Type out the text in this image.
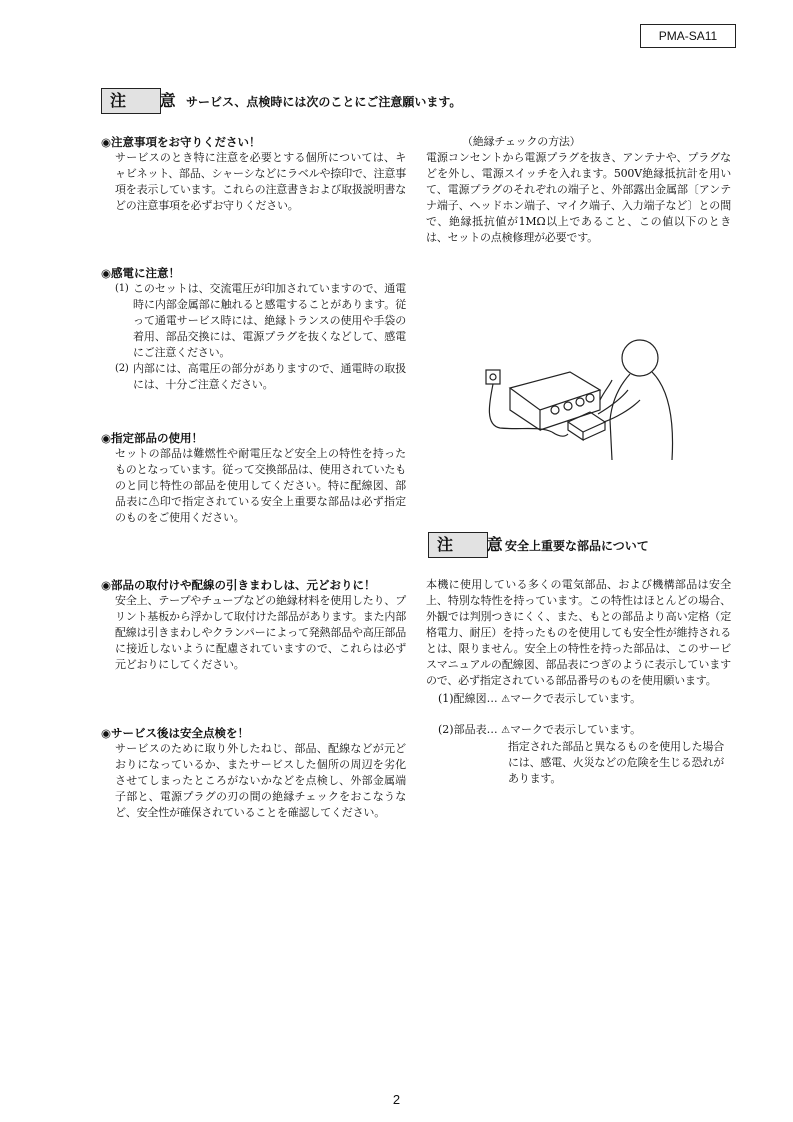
PMA-SA11
注 意
サービス、点検時には次のことにご注意願います。
◉注意事項をお守りください！
サービスのとき特に注意を必要とする個所については、キャビネット、部品、シャーシなどにラベルや捺印で、注意事項を表示しています。これらの注意書きおよび取扱説明書などの注意事項を必ずお守りください。
◉感電に注意！
(1) このセットは、交流電圧が印加されていますので、通電時に内部金属部に触れると感電することがあります。従って通電サービス時には、絶縁トランスの使用や手袋の着用、部品交換には、電源プラグを抜くなどして、感電にご注意ください。
(2) 内部には、高電圧の部分がありますので、通電時の取扱には、十分ご注意ください。
◉指定部品の使用！
セットの部品は難燃性や耐電圧など安全上の特性を持ったものとなっています。従って交換部品は、使用されていたものと同じ特性の部品を使用してください。特に配線図、部品表に⚠印で指定されている安全上重要な部品は必ず指定のものをご使用ください。
◉部品の取付けや配線の引きまわしは、元どおりに！
安全上、テープやチューブなどの絶縁材料を使用したり、プリント基板から浮かして取付けた部品があります。また内部配線は引きまわしやクランパーによって発熱部品や高圧部品に接近しないように配慮されていますので、これらは必ず元どおりにしてください。
◉サービス後は安全点検を！
サービスのために取り外したねじ、部品、配線などが元どおりになっているか、またサービスした個所の周辺を劣化させてしまったところがないかなどを点検し、外部金属端子部と、電源プラグの刃の間の絶縁チェックをおこなうなど、安全性が確保されていることを確認してください。
（絶縁チェックの方法）
電源コンセントから電源プラグを抜き、アンテナや、プラグなどを外し、電源スイッチを入れます。500V絶縁抵抗計を用いて、電源プラグのそれぞれの端子と、外部露出金属部〔アンテナ端子、ヘッドホン端子、マイク端子、入力端子など〕との間で、絶縁抵抗値が1MΩ以上であること、この値以下のときは、セットの点検修理が必要です。
注 意
安全上重要な部品について
本機に使用している多くの電気部品、および機構部品は安全上、特別な特性を持っています。この特性はほとんどの場合、外観では判別つきにくく、また、もとの部品より高い定格（定格電力、耐圧）を持ったものを使用しても安全性が維持されるとは、限りません。安全上の特性を持った部品は、このサービスマニュアルの配線図、部品表につぎのように表示していますので、必ず指定されている部品番号のものを使用願います。
(1)配線図… ⚠マークで表示しています。
(2)部品表… ⚠マークで表示しています。
指定された部品と異なるものを使用した場合には、感電、火災などの危険を生じる恐れがあります。
2
